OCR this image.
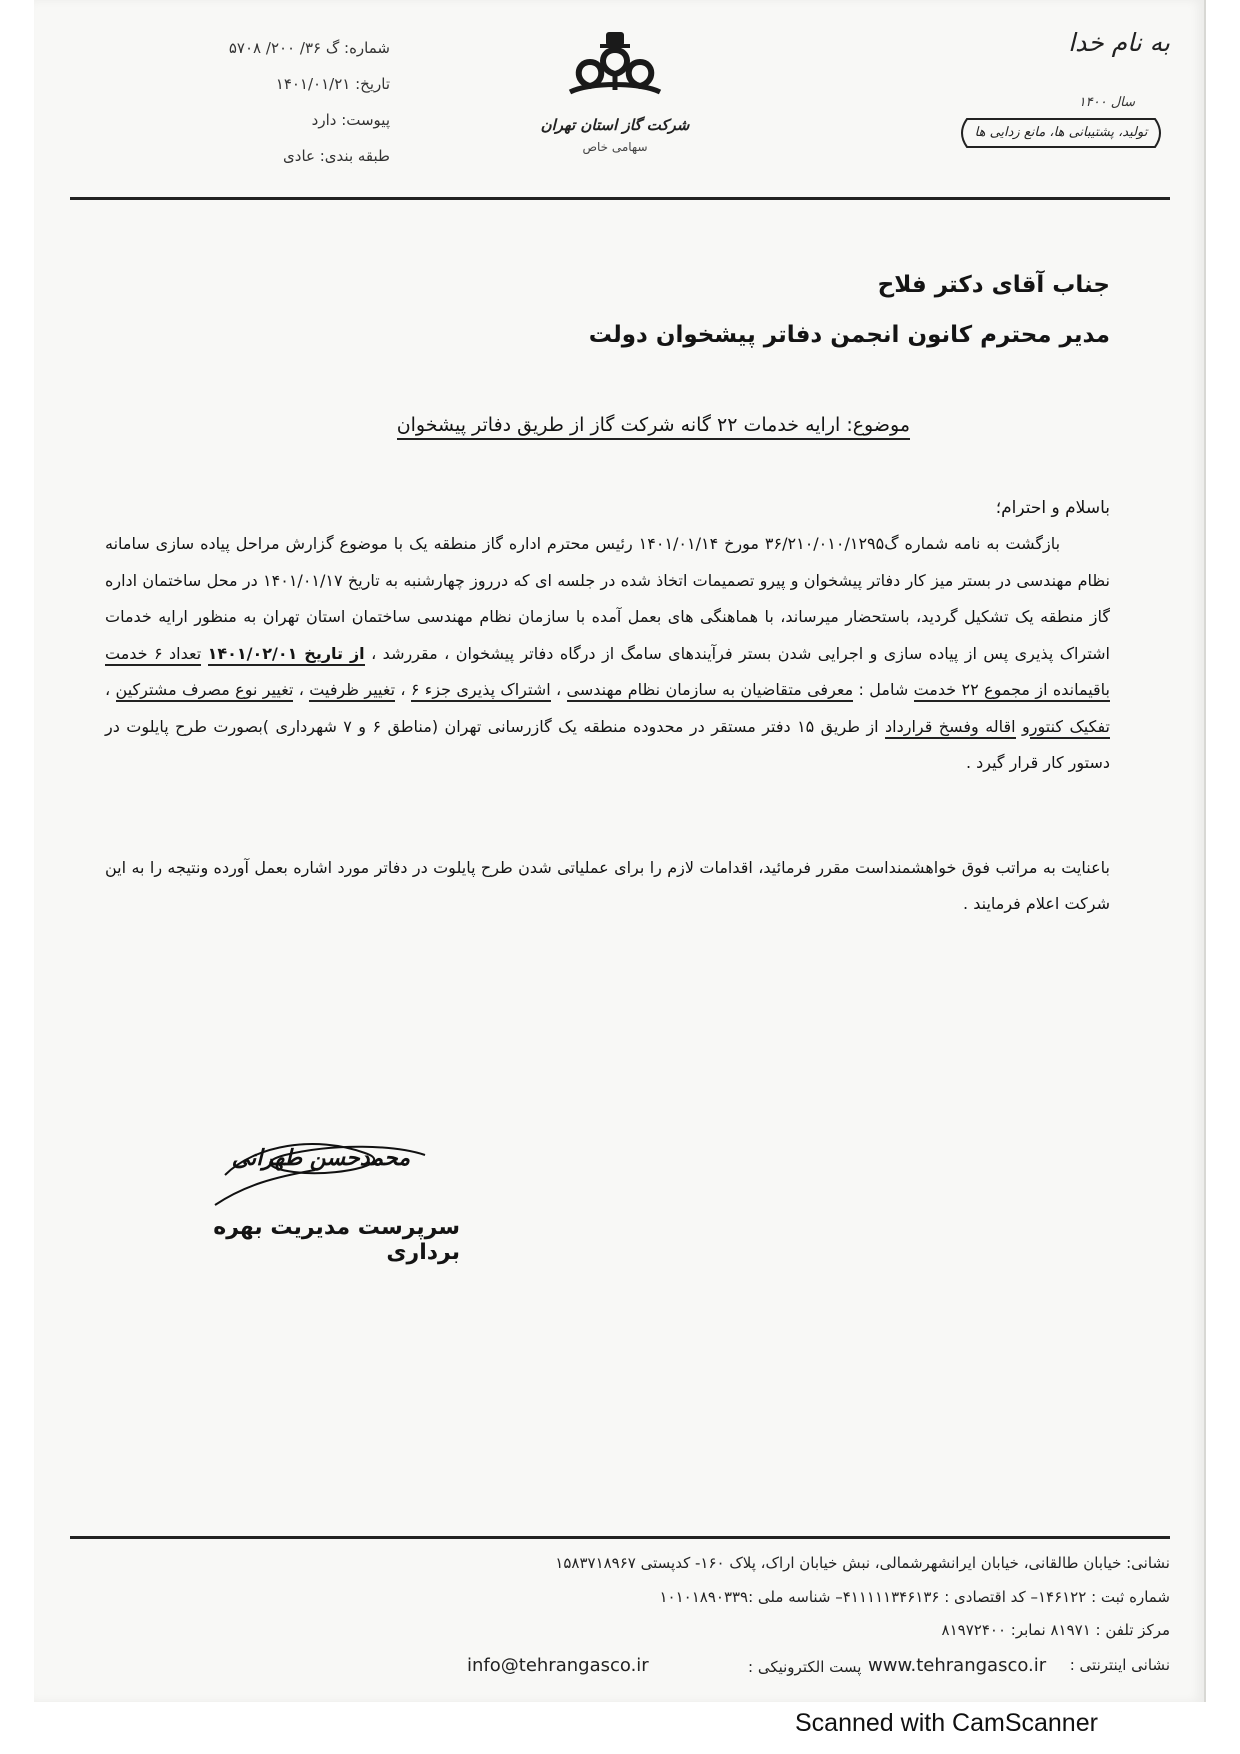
شماره: گ ۳۶/ ۲۰۰/ ۵۷۰۸
تاریخ: ۱۴۰۱/۰۱/۲۱
پیوست: دارد
طبقه بندی: عادی
شرکت گاز استان تهران
سهامی خاص
به نام خدا
سال ۱۴۰۰
تولید، پشتیبانی ها، مانع زدایی ها
جناب آقای دکتر فلاح
مدیر محترم کانون انجمن دفاتر پیشخوان دولت
موضوع: ارایه خدمات ۲۲ گانه شرکت گاز از طریق دفاتر پیشخوان
باسلام و احترام؛
بازگشت به نامه شماره گ۳۶/۲۱۰/۰۱۰/۱۲۹۵ مورخ ۱۴۰۱/۰۱/۱۴ رئیس محترم اداره گاز منطقه یک با موضوع گزارش مراحل پیاده سازی سامانه نظام مهندسی در بستر میز کار دفاتر پیشخوان و پیرو تصمیمات اتخاذ شده در جلسه ای که درروز چهارشنبه به تاریخ ۱۴۰۱/۰۱/۱۷ در محل ساختمان اداره گاز منطقه یک تشکیل گردید، باستحضار میرساند، با هماهنگی های بعمل آمده با سازمان نظام مهندسی ساختمان استان تهران به منظور ارایه خدمات اشتراک پذیری پس از پیاده سازی و اجرایی شدن بستر فرآیندهای سامگ از درگاه دفاتر پیشخوان ، مقررشد ، از تاریخ ۱۴۰۱/۰۲/۰۱ تعداد ۶ خدمت باقیمانده از مجموع ۲۲ خدمت شامل : معرفی متقاضیان به سازمان نظام مهندسی ، اشتراک پذیری جزء ۶ ، تغییر ظرفیت ، تغییر نوع مصرف مشترکین ، تفکیک کنتورو اقاله وفسخ قرارداد از طریق ۱۵ دفتر مستقر در محدوده منطقه یک گازرسانی تهران (مناطق ۶ و ۷ شهرداری )بصورت طرح پایلوت در دستور کار قرار گیرد .
باعنایت به مراتب فوق خواهشمنداست مقرر فرمائید، اقدامات لازم را برای عملیاتی شدن طرح پایلوت در دفاتر مورد اشاره بعمل آورده ونتیجه را به این شرکت اعلام فرمایند .
محمدحسن طهرانی
سرپرست مدیریت بهره برداری
نشانی: خیابان طالقانی، خیابان ایرانشهرشمالی، نبش خیابان اراک، پلاک ۱۶۰- کدپستی ۱۵۸۳۷۱۸۹۶۷
شماره ثبت : ۱۴۶۱۲۲– کد اقتصادی : ۴۱۱۱۱۱۳۴۶۱۳۶– شناسه ملی :۱۰۱۰۱۸۹۰۳۳۹
مرکز تلفن : ۸۱۹۷۱ نمابر: ۸۱۹۷۲۴۰۰
نشانی اینترنتی :
www.tehrangasco.ir
پست الکترونیکی :
info@tehrangasco.ir
Scanned with CamScanner
